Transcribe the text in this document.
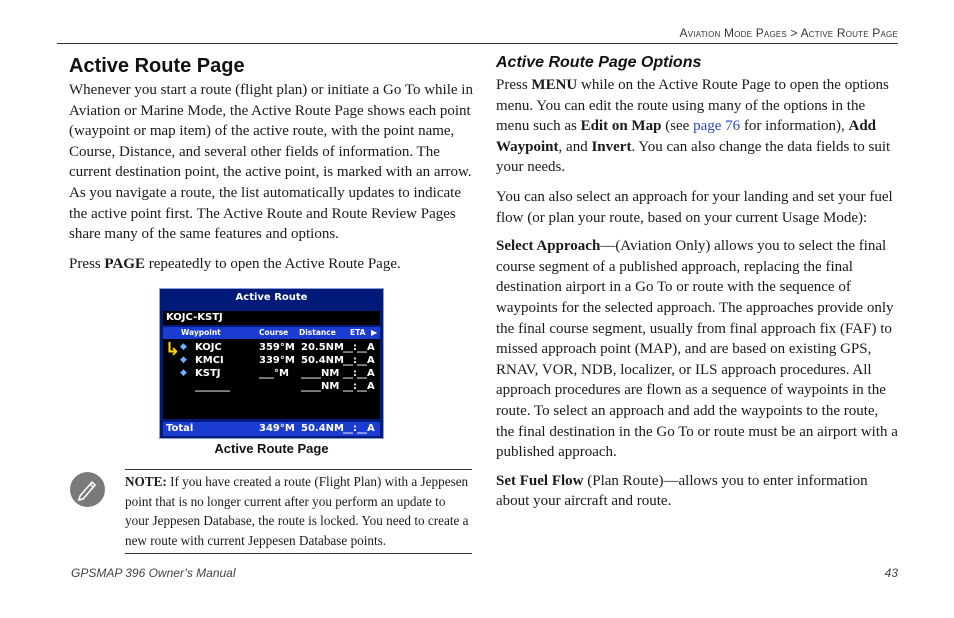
Aviation Mode Pages > Active Route Page
Active Route Page

Whenever you start a route (flight plan) or initiate a Go To while in Aviation or Marine Mode, the Active Route Page shows each point (waypoint or map item) of the active route, with the point name, Course, Distance, and several other fields of information. The current destination point, the active point, is marked with an arrow. As you navigate a route, the list automatically updates to indicate the active point first. The Active Route and Route Review Pages share many of the same features and options.

Press PAGE repeatedly to open the Active Route Page.

Active Route
KOJC-KSTJ
Waypoint	Course Distance ETA ▶
↳ ◆ KOJC	359°M 20.5NM __:__A
◆ KMCI	339°M 50.4NM __:__A
◆ KSTJ	___°M ____NM __:__A
_______	____NM __:__A
Total	349°M 50.4NM __:__A
Active Route Page

NOTE: If you have created a route (Flight Plan) with a Jeppesen point that is no longer current after you perform an update to your Jeppesen Database, the route is locked. You need to create a new route with current Jeppesen Database points.

Active Route Page Options

Press MENU while on the Active Route Page to open the options menu. You can edit the route using many of the options in the menu such as Edit on Map (see page 76 for information), Add Waypoint, and Invert. You can also change the data fields to suit your needs.

You can also select an approach for your landing and set your fuel flow (or plan your route, based on your current Usage Mode):

Select Approach—(Aviation Only) allows you to select the final course segment of a published approach, replacing the final destination airport in a Go To or route with the sequence of waypoints for the selected approach. The approaches provide only the final course segment, usually from final approach fix (FAF) to missed approach point (MAP), and are based on existing GPS, RNAV, VOR, NDB, localizer, or ILS approach procedures. All approach procedures are flown as a sequence of waypoints in the route. To select an approach and add the waypoints to the route, the final destination in the Go To or route must be an airport with a published approach.

Set Fuel Flow (Plan Route)—allows you to enter information about your aircraft and route.

GPSMAP 396 Owner’s Manual	43
